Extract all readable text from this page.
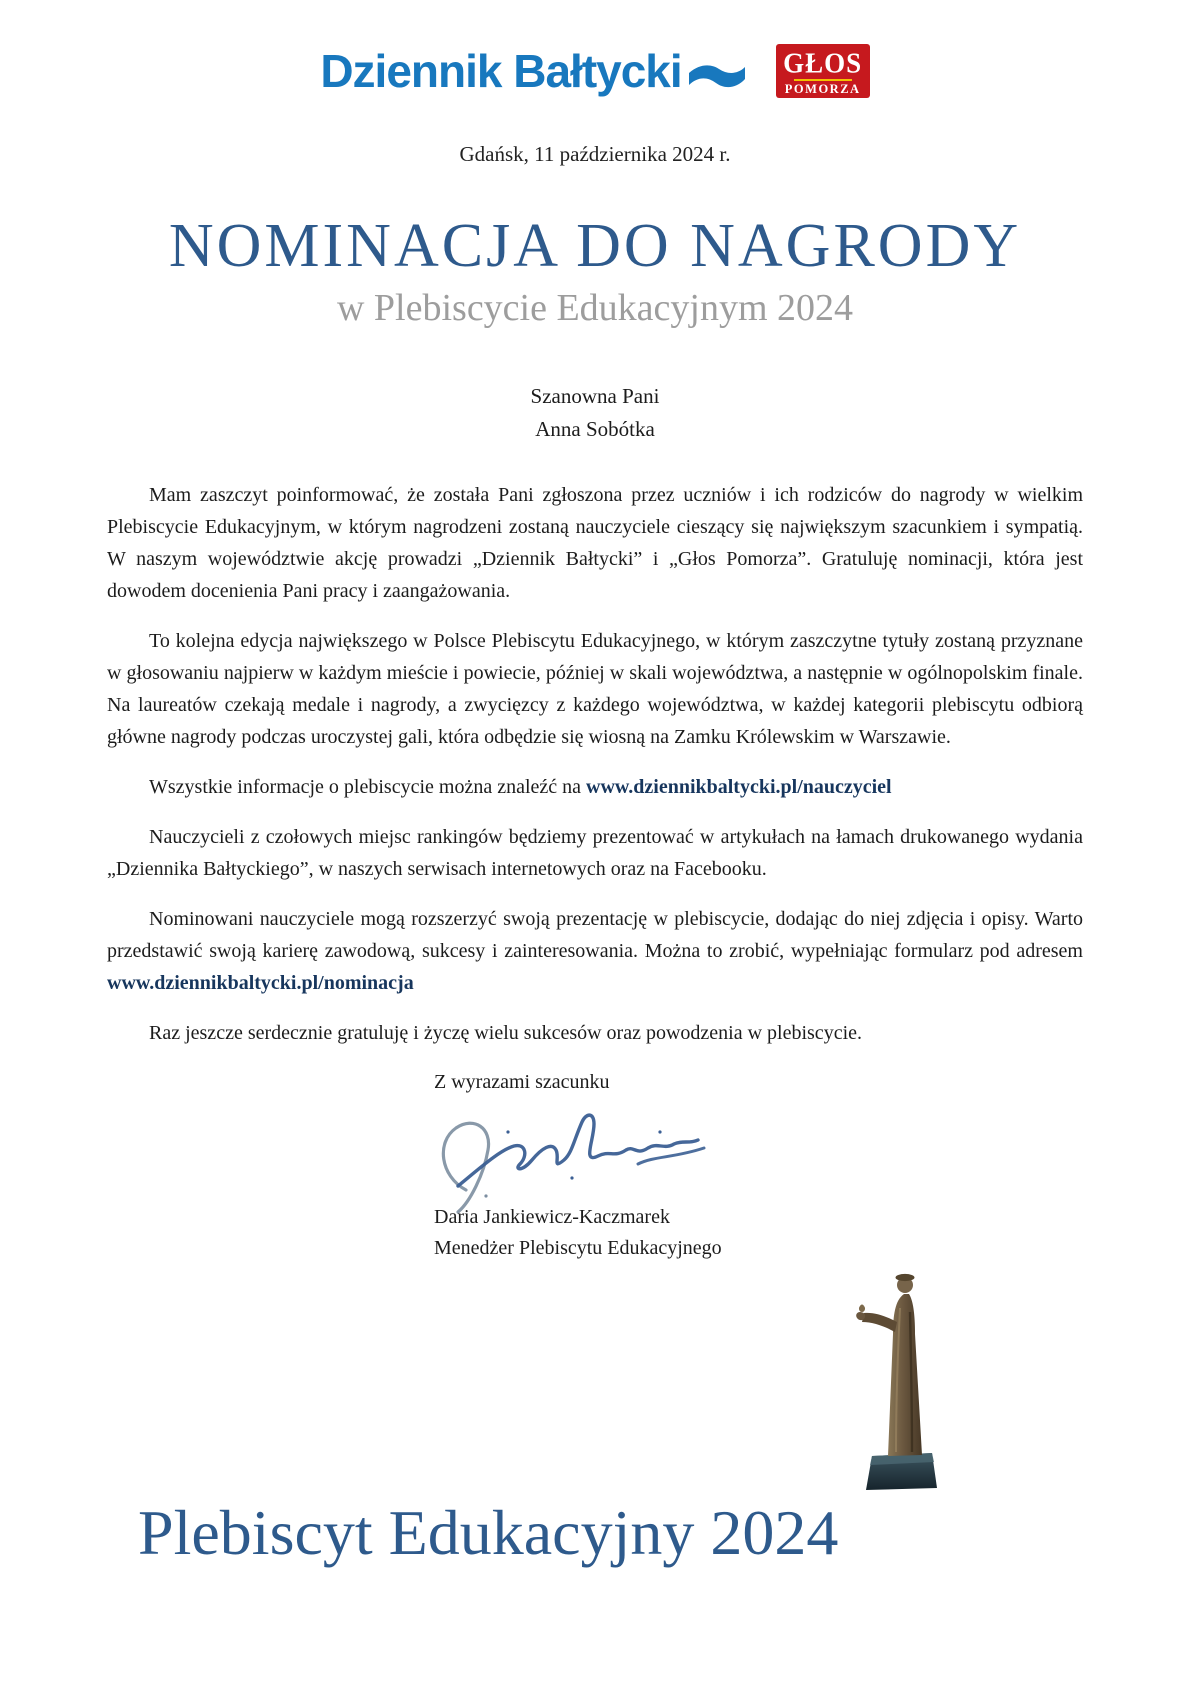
Dziennik Bałtycki	GŁOS
POMORZA
Gdańsk, 11 października 2024 r.
NOMINACJA DO NAGRODY
w Plebiscycie Edukacyjnym 2024
Szanowna Pani
Anna Sobótka

Mam zaszczyt poinformować, że została Pani zgłoszona przez uczniów i ich rodziców do nagrody w wielkim Plebiscycie Edukacyjnym, w którym nagrodzeni zostaną nauczyciele cieszący się największym szacunkiem i sympatią. W naszym województwie akcję prowadzi „Dziennik Bałtycki” i „Głos Pomorza”. Gratuluję nominacji, która jest dowodem docenienia Pani pracy i zaangażowania.

To kolejna edycja największego w Polsce Plebiscytu Edukacyjnego, w którym zaszczytne tytuły zostaną przyznane w głosowaniu najpierw w każdym mieście i powiecie, później w skali województwa, a następnie w ogólnopolskim finale. Na laureatów czekają medale i nagrody, a zwycięzcy z każdego województwa, w każdej kategorii plebiscytu odbiorą główne nagrody podczas uroczystej gali, która odbędzie się wiosną na Zamku Królewskim w Warszawie.

Wszystkie informacje o plebiscycie można znaleźć na www.dziennikbaltycki.pl/nauczyciel

Nauczycieli z czołowych miejsc rankingów będziemy prezentować w artykułach na łamach drukowanego wydania „Dziennika Bałtyckiego”, w naszych serwisach internetowych oraz na Facebooku.

Nominowani nauczyciele mogą rozszerzyć swoją prezentację w plebiscycie, dodając do niej zdjęcia i opisy. Warto przedstawić swoją karierę zawodową, sukcesy i zainteresowania. Można to zrobić, wypełniając formularz pod adresem www.dziennikbaltycki.pl/nominacja

Raz jeszcze serdecznie gratuluję i życzę wielu sukcesów oraz powodzenia w plebiscycie.

Z wyrazami szacunku
Daria Jankiewicz-Kaczmarek
Menedżer Plebiscytu Edukacyjnego
Plebiscyt Edukacyjny 2024
